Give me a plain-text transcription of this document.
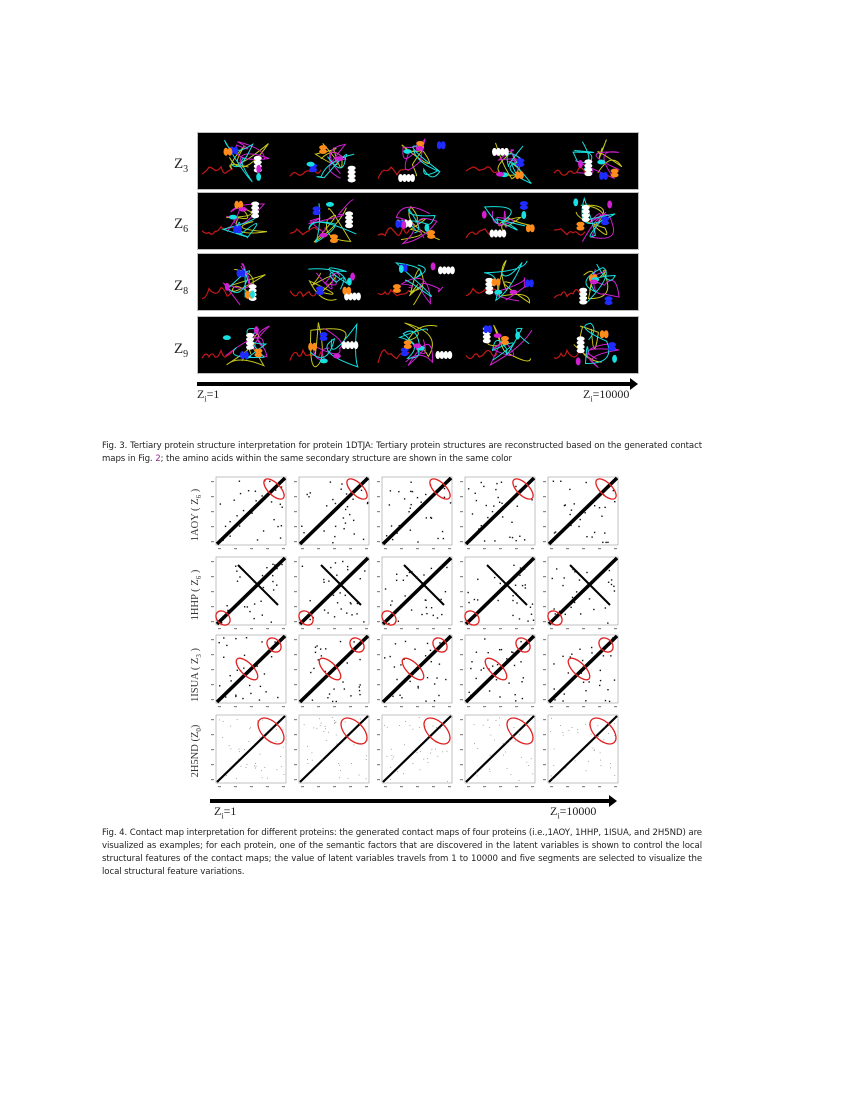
$Z_3$
$Z_6$
$Z_8$
$Z_9$
$Z_i=1$	$Z_i=10000$
Fig. 3. Tertiary protein structure interpretation for protein 1DTJA: Tertiary protein structures are reconstructed based on the generated contact maps in Fig. 2; the amino acids within the same secondary structure are shown in the same color
1AOY ( $Z_6$ )
1HHP ( $Z_6$ )
1ISUA ( $Z_3$ )
2H5ND $(Z_0)$
$Z_i=1$	$Z_i=10000$
Fig. 4. Contact map interpretation for different proteins: the generated contact maps of four proteins (i.e.,1AOY, 1HHP, 1ISUA, and 2H5ND) are visualized as examples; for each protein, one of the semantic factors that are discovered in the latent variables is shown to control the local structural features of the contact maps; the value of latent variables travels from 1 to 10000 and five segments are selected to visualize the local structural feature variations.
